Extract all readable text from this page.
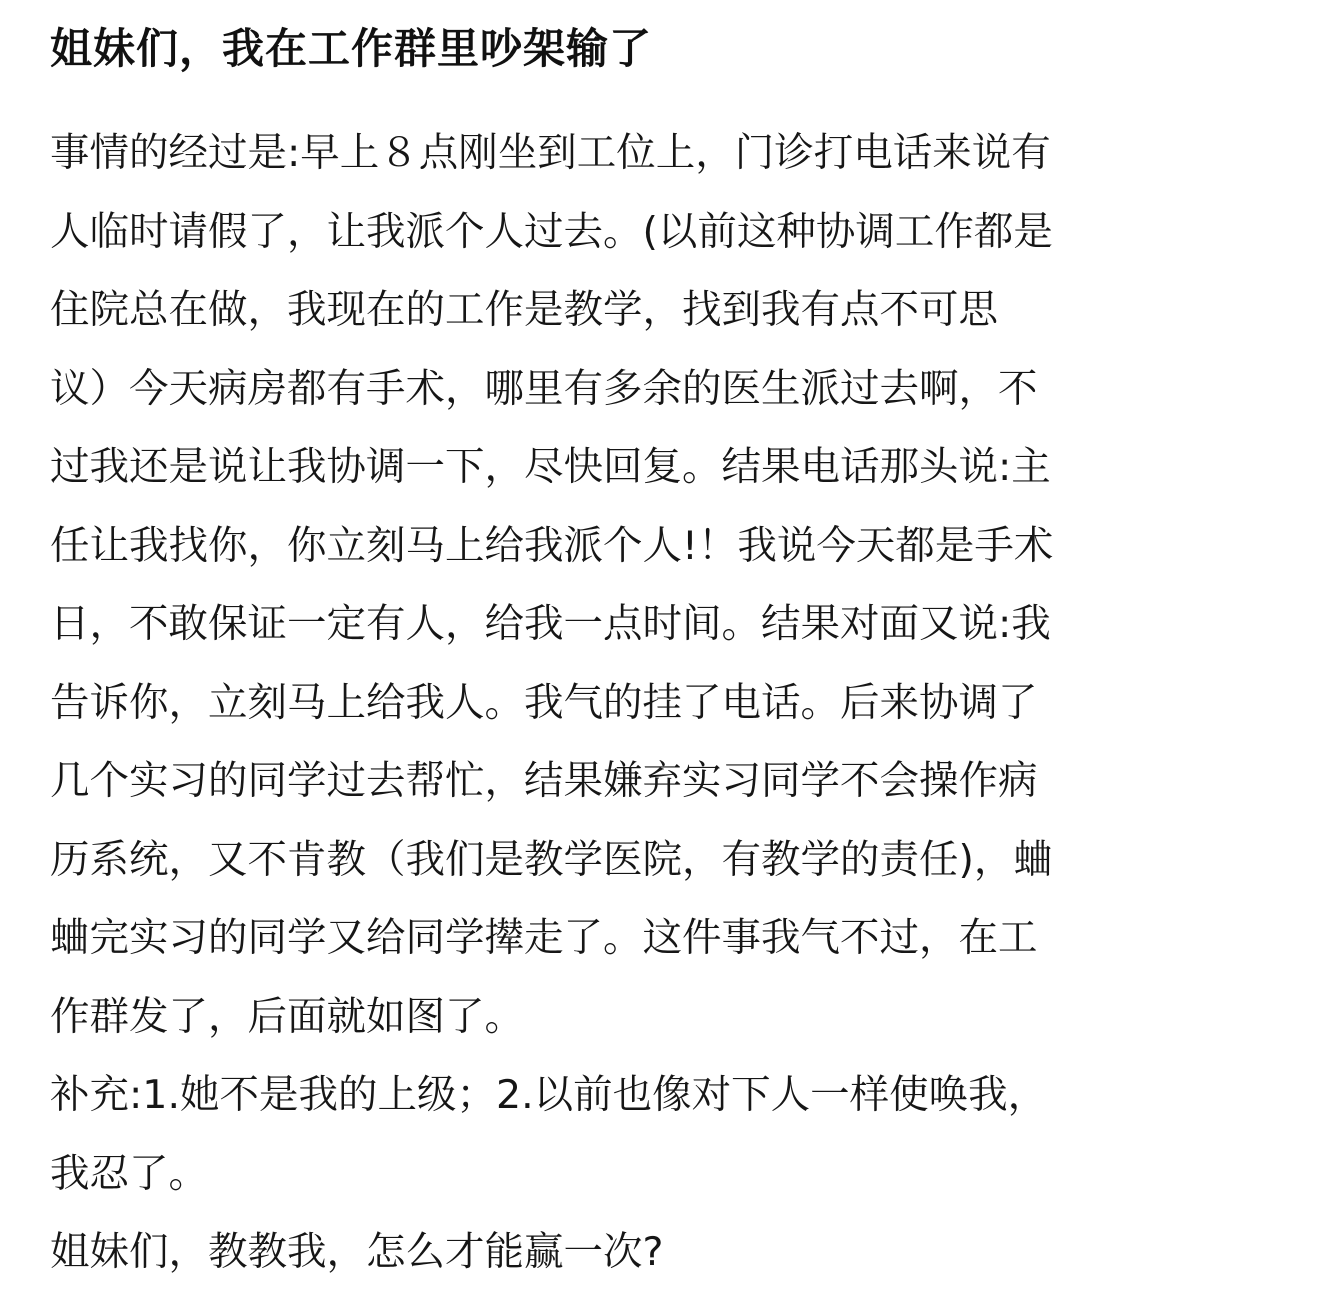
姐妹们，我在工作群里吵架输了

事情的经过是:早上８点刚坐到工位上，门诊打电话来说有

人临时请假了，让我派个人过去。(以前这种协调工作都是

住院总在做，我现在的工作是教学，找到我有点不可思

议）今天病房都有手术，哪里有多余的医生派过去啊，不

过我还是说让我协调一下，尽快回复。结果电话那头说:主

任让我找你，你立刻马上给我派个人!！我说今天都是手术

日，不敢保证一定有人，给我一点时间。结果对面又说:我

告诉你，立刻马上给我人。我气的挂了电话。后来协调了

几个实习的同学过去帮忙，结果嫌弃实习同学不会操作病

历系统，又不肯教（我们是教学医院，有教学的责任)，蛐

蛐完实习的同学又给同学撵走了。这件事我气不过，在工

作群发了，后面就如图了。

补充:1.她不是我的上级；2.以前也像对下人一样使唤我，

我忍了。

姐妹们，教教我，怎么才能赢一次?
